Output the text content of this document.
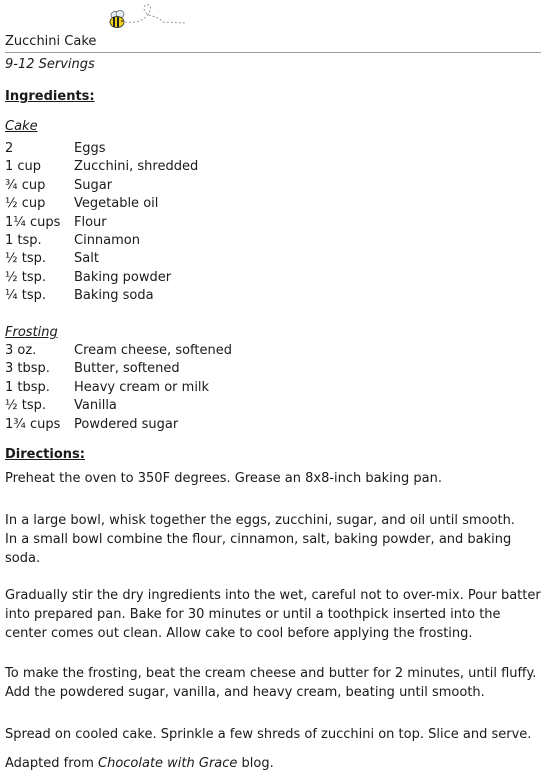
Zucchini Cake
9-12 Servings
Ingredients:
Cake
2	Eggs
1 cup	Zucchini, shredded
¾ cup	Sugar
½ cup	Vegetable oil
1¼ cups	Flour
1 tsp.	Cinnamon
½ tsp.	Salt
½ tsp.	Baking powder
¼ tsp.	Baking soda
Frosting
3 oz.	Cream cheese, softened
3 tbsp.	Butter, softened
1 tbsp.	Heavy cream or milk
½ tsp.	Vanilla
1¾ cups	Powdered sugar
Directions:

Preheat the oven to 350F degrees. Grease an 8x8-inch baking pan.

In a large bowl, whisk together the eggs, zucchini, sugar, and oil until smooth.

In a small bowl combine the flour, cinnamon, salt, baking powder, and baking soda.

Gradually stir the dry ingredients into the wet, careful not to over-mix. Pour batter into prepared pan. Bake for 30 minutes or until a toothpick inserted into the center comes out clean. Allow cake to cool before applying the frosting.

To make the frosting, beat the cream cheese and butter for 2 minutes, until fluffy. Add the powdered sugar, vanilla, and heavy cream, beating until smooth.

Spread on cooled cake. Sprinkle a few shreds of zucchini on top. Slice and serve.

Adapted from Chocolate with Grace blog.
